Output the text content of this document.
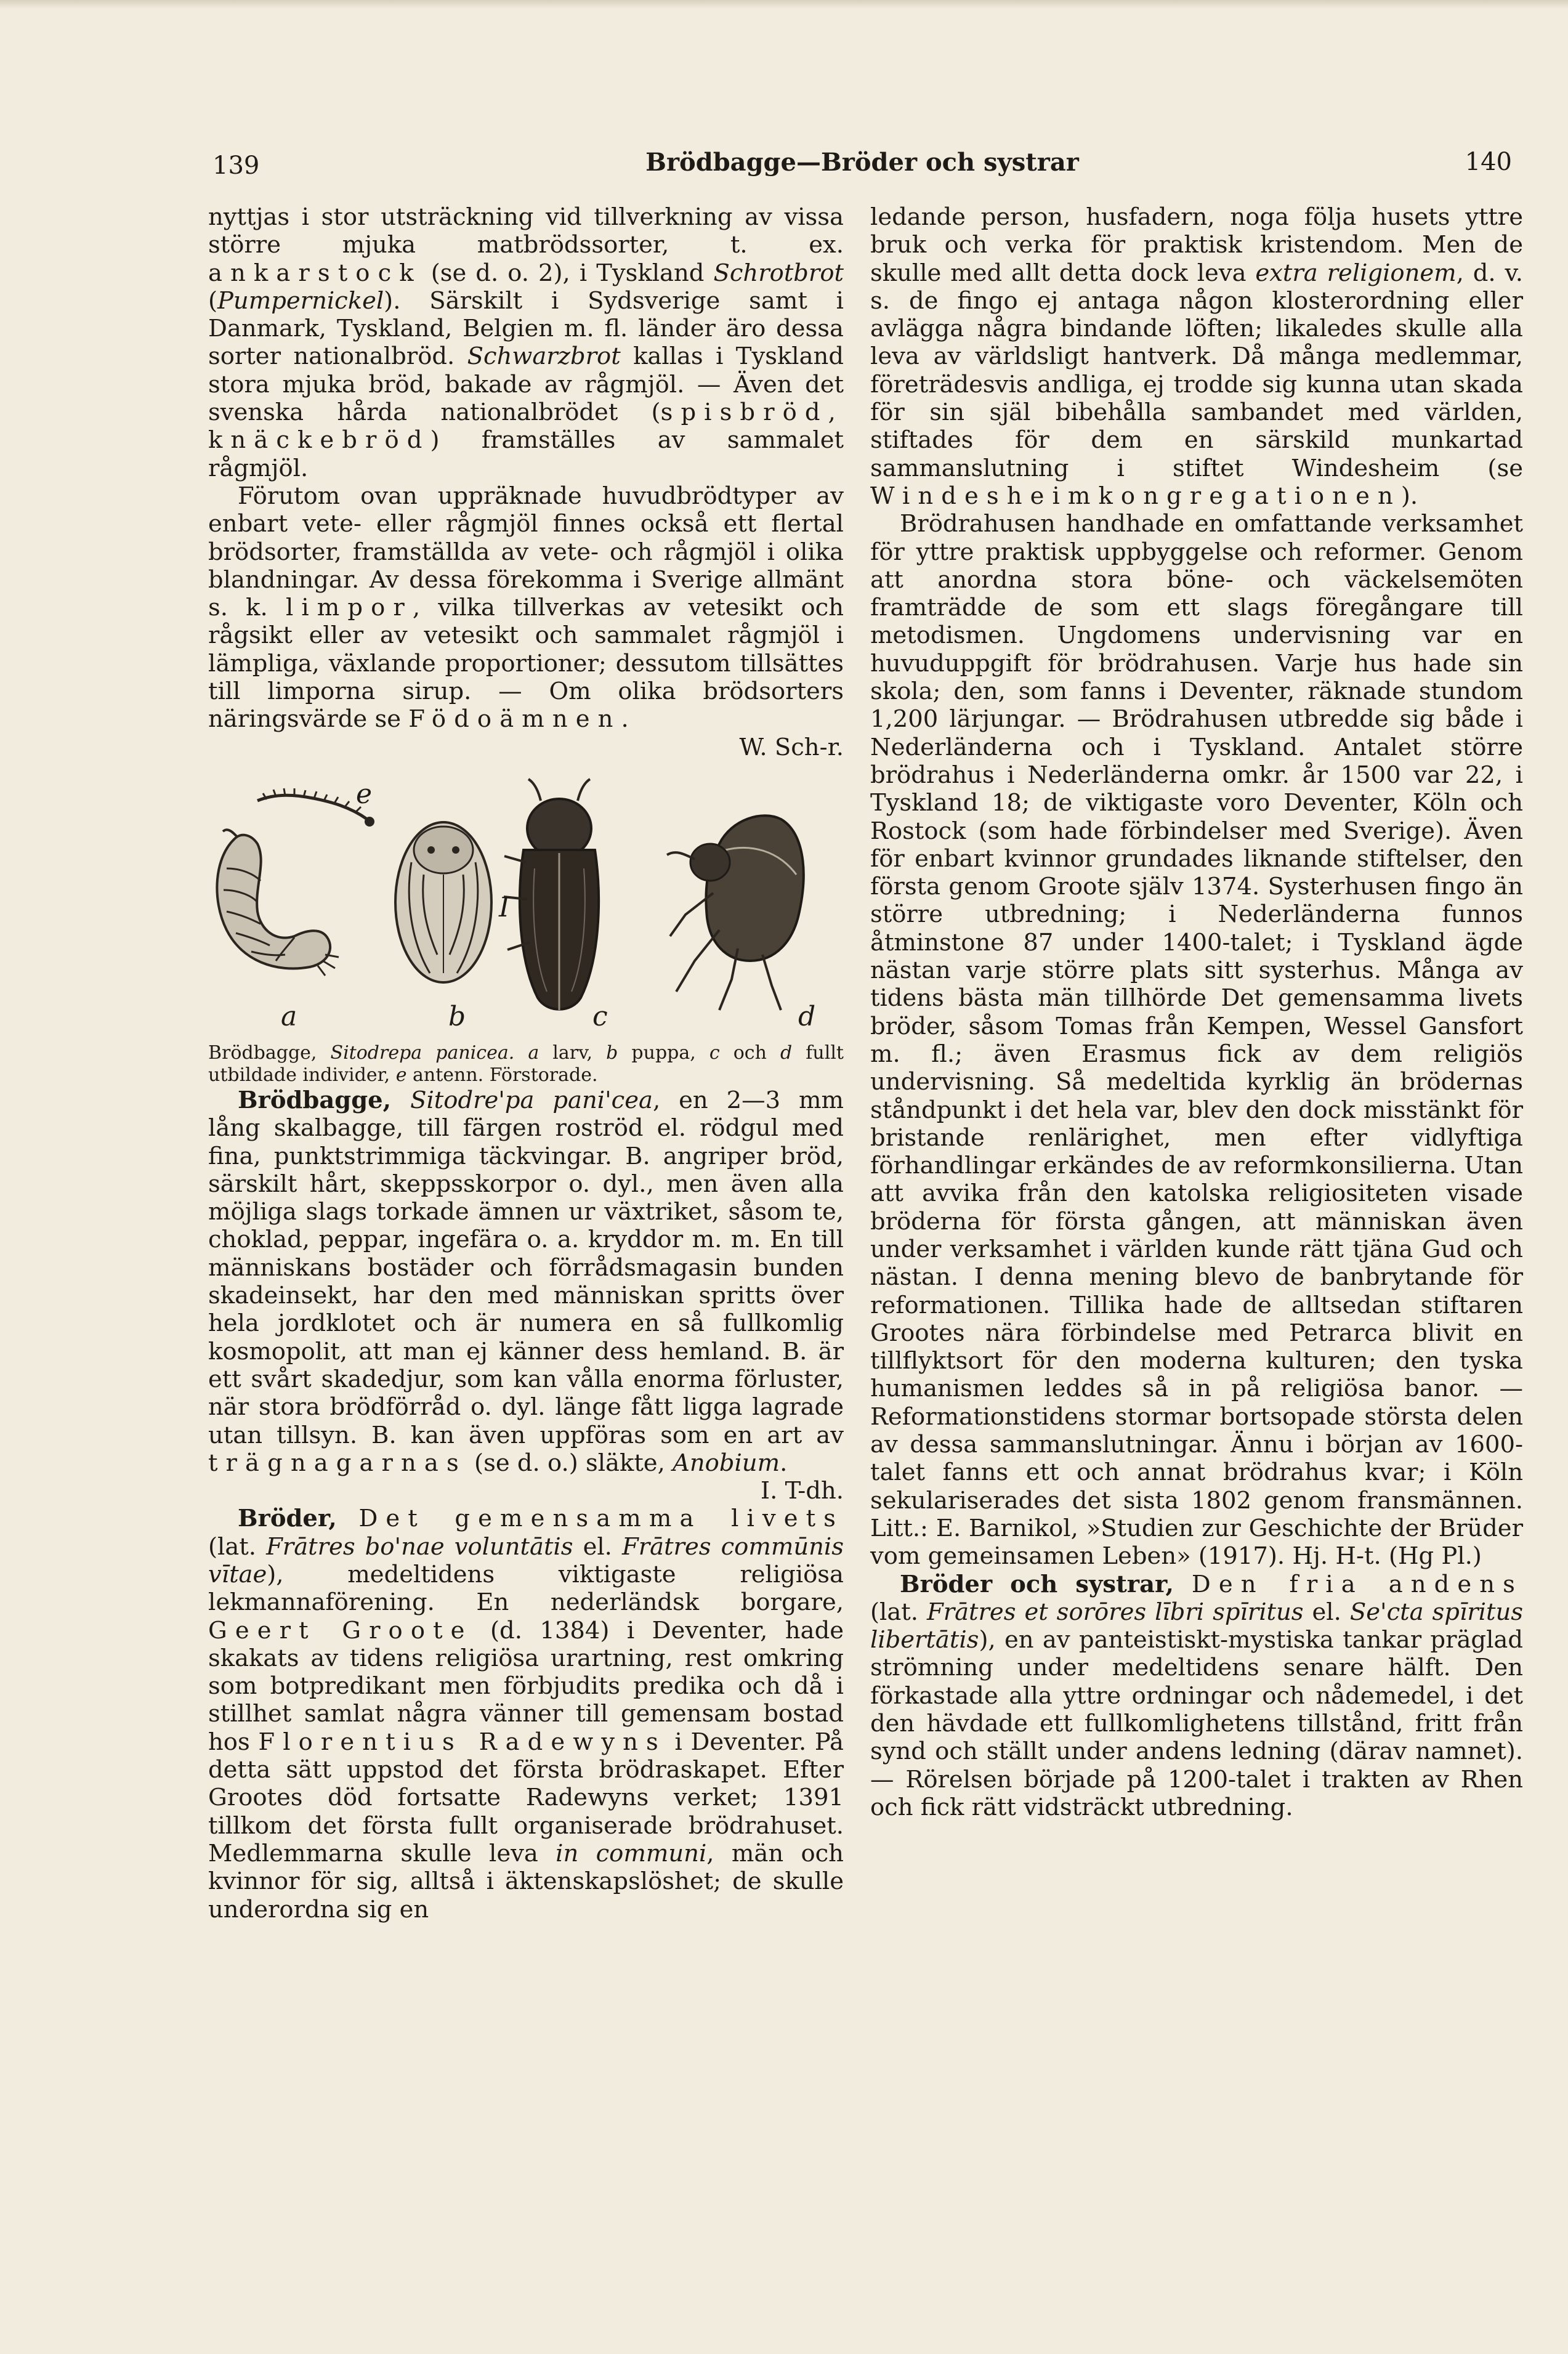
139	Brödbagge—Bröder och systrar	140

nyttjas i stor utsträckning vid tillverkning av vissa större mjuka matbrödssorter, t. ex. ankarstock (se d. o. 2), i Tyskland Schrotbrot (Pumpernickel). Särskilt i Sydsverige samt i Danmark, Tyskland, Belgien m. fl. länder äro dessa sorter nationalbröd. Schwarzbrot kallas i Tyskland stora mjuka bröd, bakade av rågmjöl. — Även det svenska hårda nationalbrödet (spisbröd, knäckebröd) framställes av sammalet rågmjöl.

Förutom ovan uppräknade huvudbrödtyper av enbart vete- eller rågmjöl finnes också ett flertal brödsorter, framställda av vete- och rågmjöl i olika blandningar. Av dessa förekomma i Sverige allmänt s. k. limpor, vilka tillverkas av vetesikt och rågsikt eller av vetesikt och sammalet rågmjöl i lämpliga, växlande proportioner; dessutom tillsättes till limporna sirup. — Om olika brödsorters näringsvärde se Födoämnen.
W. Sch-r.

e
a	b
I
c	d

Brödbagge, Sitodrepa panicea. a larv, b puppa, c och d fullt utbildade individer, e antenn. Förstorade.

Brödbagge, Sitodre'pa pani'cea, en 2—3 mm lång skalbagge, till färgen roströd el. rödgul med fina, punktstrimmiga täckvingar. B. angriper bröd, särskilt hårt, skeppsskorpor o. dyl., men även alla möjliga slags torkade ämnen ur växtriket, såsom te, choklad, peppar, ingefära o. a. kryddor m. m. En till människans bostäder och förrådsmagasin bunden skadeinsekt, har den med människan spritts över hela jordklotet och är numera en så fullkomlig kosmopolit, att man ej känner dess hemland. B. är ett svårt skadedjur, som kan vålla enorma förluster, när stora brödförråd o. dyl. länge fått ligga lagrade utan tillsyn. B. kan även uppföras som en art av trägnagarnas (se d. o.) släkte, Anobium.
I. T-dh.

Bröder, Det gemensamma livets (lat. Frātres bo'nae voluntātis el. Frātres commūnis vītae), medeltidens viktigaste religiösa lekmannaförening. En nederländsk borgare, Geert Groote (d. 1384) i Deventer, hade skakats av tidens religiösa urartning, rest omkring som botpredikant men förbjudits predika och då i stillhet samlat några vänner till gemensam bostad hos Florentius Radewyns i Deventer. På detta sätt uppstod det första brödraskapet. Efter Grootes död fortsatte Radewyns verket; 1391 tillkom det första fullt organiserade brödrahuset. Medlemmarna skulle leva in communi, män och kvinnor för sig, alltså i äktenskapslöshet; de skulle underordna sig en

ledande person, husfadern, noga följa husets yttre bruk och verka för praktisk kristendom. Men de skulle med allt detta dock leva extra religionem, d. v. s. de fingo ej antaga någon klosterordning eller avlägga några bindande löften; likaledes skulle alla leva av världsligt hantverk. Då många medlemmar, företrädesvis andliga, ej trodde sig kunna utan skada för sin själ bibehålla sambandet med världen, stiftades för dem en särskild munkartad sammanslutning i stiftet Windesheim (se Windesheimkongregationen).

Brödrahusen handhade en omfattande verksamhet för yttre praktisk uppbyggelse och reformer. Genom att anordna stora böne- och väckelsemöten framträdde de som ett slags föregångare till metodismen. Ungdomens undervisning var en huvuduppgift för brödrahusen. Varje hus hade sin skola; den, som fanns i Deventer, räknade stundom 1,200 lärjungar. — Brödrahusen utbredde sig både i Nederländerna och i Tyskland. Antalet större brödrahus i Nederländerna omkr. år 1500 var 22, i Tyskland 18; de viktigaste voro Deventer, Köln och Rostock (som hade förbindelser med Sverige). Även för enbart kvinnor grundades liknande stiftelser, den första genom Groote själv 1374. Systerhusen fingo än större utbredning; i Nederländerna funnos åtminstone 87 under 1400-talet; i Tyskland ägde nästan varje större plats sitt systerhus. Många av tidens bästa män tillhörde Det gemensamma livets bröder, såsom Tomas från Kempen, Wessel Gansfort m. fl.; även Erasmus fick av dem religiös undervisning. Så medeltida kyrklig än brödernas ståndpunkt i det hela var, blev den dock misstänkt för bristande renlärighet, men efter vidlyftiga förhandlingar erkändes de av reformkonsilierna. Utan att avvika från den katolska religiositeten visade bröderna för första gången, att människan även under verksamhet i världen kunde rätt tjäna Gud och nästan. I denna mening blevo de banbrytande för reformationen. Tillika hade de alltsedan stiftaren Grootes nära förbindelse med Petrarca blivit en tillflyktsort för den moderna kulturen; den tyska humanismen leddes så in på religiösa banor. — Reformationstidens stormar bortsopade största delen av dessa sammanslutningar. Ännu i början av 1600-talet fanns ett och annat brödrahus kvar; i Köln sekulariserades det sista 1802 genom fransmännen. Litt.: E. Barnikol, »Studien zur Geschichte der Brüder vom gemeinsamen Leben» (1917). Hj. H-t. (Hg Pl.)

Bröder och systrar, Den fria andens (lat. Frātres et sorōres lībri spīritus el. Se'cta spīritus libertātis), en av panteistiskt-mystiska tankar präglad strömning under medeltidens senare hälft. Den förkastade alla yttre ordningar och nådemedel, i det den hävdade ett fullkomlighetens tillstånd, fritt från synd och ställt under andens ledning (därav namnet). — Rörelsen började på 1200-talet i trakten av Rhen och fick rätt vidsträckt utbredning.
